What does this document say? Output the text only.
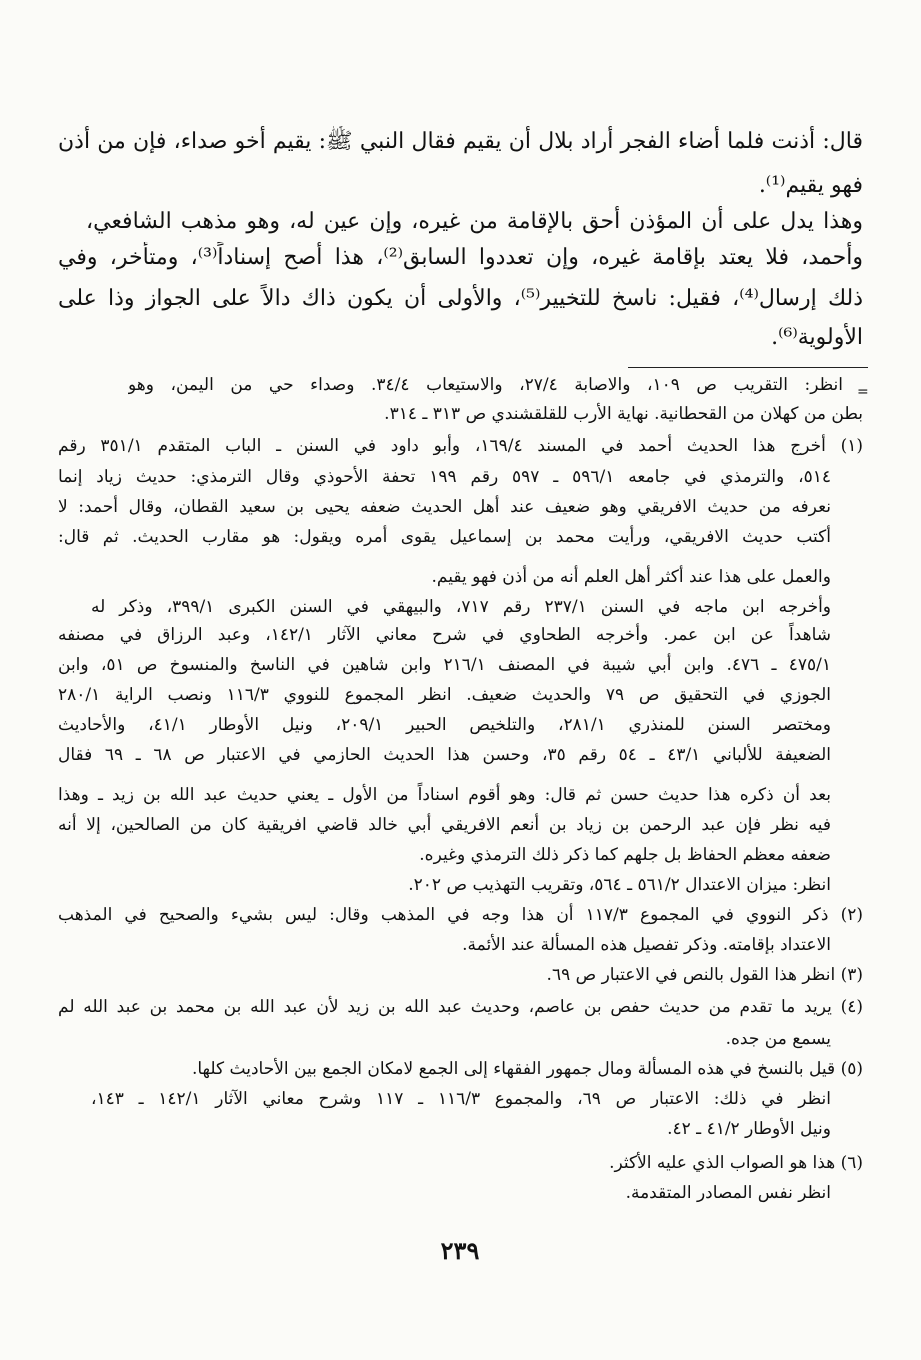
قال: أذنت فلما أضاء الفجر أراد بلال أن يقيم فقال النبي ﷺ: يقيم أخو صداء، فإن من أذن
فهو يقيم⁽¹⁾.
وهذا يدل على أن المؤذن أحق بالإقامة من غيره، وإن عين له، وهو مذهب الشافعي،
وأحمد، فلا يعتد بإقامة غيره، وإن تعددوا السابق⁽²⁾، هذا أصح إسناداً⁽³⁾، ومتأخر، وفي
ذلك إرسال⁽⁴⁾، فقيل: ناسخ للتخيير⁽⁵⁾، والأولى أن يكون ذاك دالاً على الجواز وذا على
الأولوية⁽⁶⁾.
=
انظر: التقريب ص ١٠٩، والاصابة ٢٧/٤، والاستيعاب ٣٤/٤. وصداء حي من اليمن، وهو
بطن من كهلان من القحطانية. نهاية الأرب للقلقشندي ص ٣١٣ ـ ٣١٤.
(١) أخرج هذا الحديث أحمد في المسند ١٦٩/٤، وأبو داود في السنن ـ الباب المتقدم ٣٥١/١ رقم
٥١٤، والترمذي في جامعه ٥٩٦/١ ـ ٥٩٧ رقم ١٩٩ تحفة الأحوذي وقال الترمذي: حديث زياد إنما
نعرفه من حديث الافريقي وهو ضعيف عند أهل الحديث ضعفه يحيى بن سعيد القطان، وقال أحمد: لا
أكتب حديث الافريقي، ورأيت محمد بن إسماعيل يقوى أمره ويقول: هو مقارب الحديث. ثم قال:
والعمل على هذا عند أكثر أهل العلم أنه من أذن فهو يقيم.
وأخرجه ابن ماجه في السنن ٢٣٧/١ رقم ٧١٧، والبيهقي في السنن الكبرى ٣٩٩/١، وذكر له
شاهداً عن ابن عمر. وأخرجه الطحاوي في شرح معاني الآثار ١٤٢/١، وعبد الرزاق في مصنفه
٤٧٥/١ ـ ٤٧٦. وابن أبي شيبة في المصنف ٢١٦/١ وابن شاهين في الناسخ والمنسوخ ص ٥١، وابن
الجوزي في التحقيق ص ٧٩ والحديث ضعيف. انظر المجموع للنووي ١١٦/٣ ونصب الراية ٢٨٠/١
ومختصر السنن للمنذري ٢٨١/١، والتلخيص الحبير ٢٠٩/١، ونيل الأوطار ٤١/١، والأحاديث
الضعيفة للألباني ٤٣/١ ـ ٥٤ رقم ٣٥، وحسن هذا الحديث الحازمي في الاعتبار ص ٦٨ ـ ٦٩ فقال
بعد أن ذكره هذا حديث حسن ثم قال: وهو أقوم اسناداً من الأول ـ يعني حديث عبد الله بن زيد ـ وهذا
فيه نظر فإن عبد الرحمن بن زياد بن أنعم الافريقي أبي خالد قاضي افريقية كان من الصالحين، إلا أنه
ضعفه معظم الحفاظ بل جلهم كما ذكر ذلك الترمذي وغيره.
انظر: ميزان الاعتدال ٥٦١/٢ ـ ٥٦٤، وتقريب التهذيب ص ٢٠٢.
(٢) ذكر النووي في المجموع ١١٧/٣ أن هذا وجه في المذهب وقال: ليس بشيء والصحيح في المذهب
الاعتداد بإقامته. وذكر تفصيل هذه المسألة عند الأئمة.
(٣) انظر هذا القول بالنص في الاعتبار ص ٦٩.
(٤) يريد ما تقدم من حديث حفص بن عاصم، وحديث عبد الله بن زيد لأن عبد الله بن محمد بن عبد الله لم
يسمع من جده.
(٥) قيل بالنسخ في هذه المسألة ومال جمهور الفقهاء إلى الجمع لامكان الجمع بين الأحاديث كلها.
انظر في ذلك: الاعتبار ص ٦٩، والمجموع ١١٦/٣ ـ ١١٧ وشرح معاني الآثار ١٤٢/١ ـ ١٤٣،
ونيل الأوطار ٤١/٢ ـ ٤٢.
(٦) هذا هو الصواب الذي عليه الأكثر.
انظر نفس المصادر المتقدمة.
٢٣٩
